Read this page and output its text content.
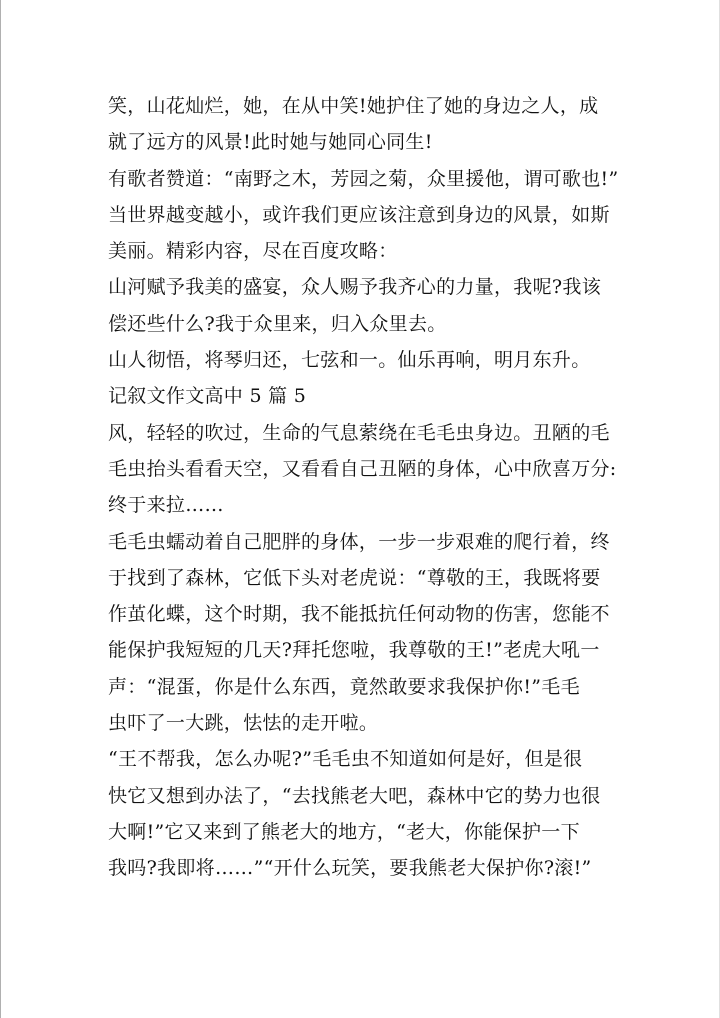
笑，山花灿烂，她，在从中笑!她护住了她的身边之人，成
就了远方的风景!此时她与她同心同生!
有歌者赞道：“南野之木，芳园之菊，众里援他，谓可歌也!”
当世界越变越小，或许我们更应该注意到身边的风景，如斯
美丽。精彩内容，尽在百度攻略：
山河赋予我美的盛宴，众人赐予我齐心的力量，我呢?我该
偿还些什么?我于众里来，归入众里去。
山人彻悟，将琴归还，七弦和一。仙乐再响，明月东升。
记叙文作文高中 5 篇 5
风，轻轻的吹过，生命的气息萦绕在毛毛虫身边。丑陋的毛
毛虫抬头看看天空，又看看自己丑陋的身体，心中欣喜万分:
终于来拉……
毛毛虫蠕动着自己肥胖的身体，一步一步艰难的爬行着，终
于找到了森林，它低下头对老虎说：“尊敬的王，我既将要
作茧化蝶，这个时期，我不能抵抗任何动物的伤害，您能不
能保护我短短的几天?拜托您啦，我尊敬的王!”老虎大吼一
声：“混蛋，你是什么东西，竟然敢要求我保护你!”毛毛
虫吓了一大跳，怯怯的走开啦。
“王不帮我，怎么办呢?”毛毛虫不知道如何是好，但是很
快它又想到办法了，“去找熊老大吧，森林中它的势力也很
大啊!”它又来到了熊老大的地方，“老大，你能保护一下
我吗?我即将……”“开什么玩笑，要我熊老大保护你?滚!”
